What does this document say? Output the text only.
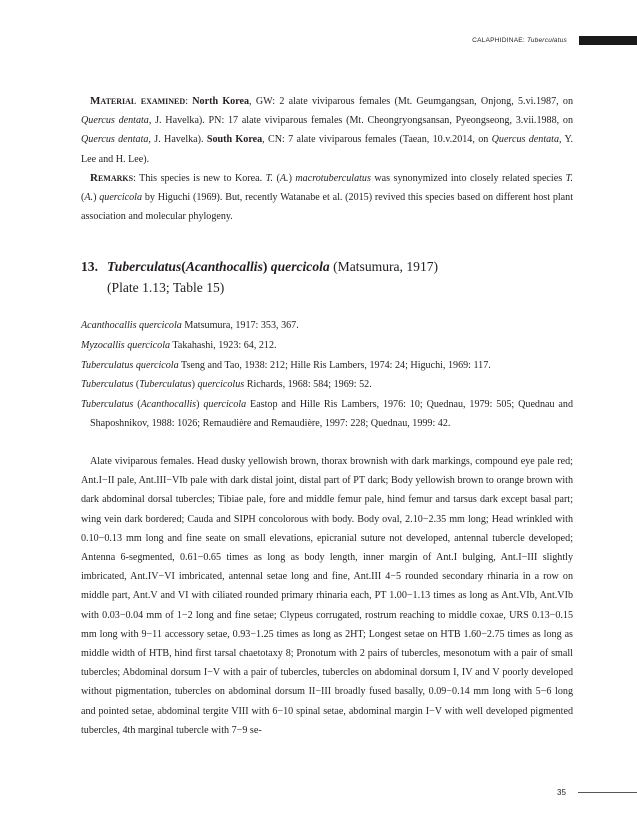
CALAPHIDINAE: Tuberculatus

Material examined: North Korea, GW: 2 alate viviparous females (Mt. Geumgangsan, Onjong, 5.vi.1987, on Quercus dentata, J. Havelka). PN: 17 alate viviparous females (Mt. Cheongryongsansan, Pyeongseong, 3.vii.1988, on Quercus dentata, J. Havelka). South Korea, CN: 7 alate viviparous females (Taean, 10.v.2014, on Quercus dentata, Y. Lee and H. Lee).

Remarks: This species is new to Korea. T. (A.) macrotuberculatus was synonymized into closely related species T. (A.) quercicola by Higuchi (1969). But, recently Watanabe et al. (2015) revived this species based on different host plant association and molecular phylogeny.

13. Tuberculatus(Acanthocallis) quercicola (Matsumura, 1917)
(Plate 1.13; Table 15)

Acanthocallis quercicola Matsumura, 1917: 353, 367.

Myzocallis quercicola Takahashi, 1923: 64, 212.

Tuberculatus quercicola Tseng and Tao, 1938: 212; Hille Ris Lambers, 1974: 24; Higuchi, 1969: 117.

Tuberculatus (Tuberculatus) quercicolus Richards, 1968: 584; 1969: 52.

Tuberculatus (Acanthocallis) quercicola Eastop and Hille Ris Lambers, 1976: 10; Quednau, 1979: 505; Quednau and Shaposhnikov, 1988: 1026; Remaudière and Remaudière, 1997: 228; Quednau, 1999: 42.

Alate viviparous females. Head dusky yellowish brown, thorax brownish with dark markings, compound eye pale red; Ant.I−II pale, Ant.III−VIb pale with dark distal joint, distal part of PT dark; Body yellowish brown to orange brown with dark abdominal dorsal tubercles; Tibiae pale, fore and middle femur pale, hind femur and tarsus dark except basal part; wing vein dark bordered; Cauda and SIPH concolorous with body. Body oval, 2.10−2.35 mm long; Head wrinkled with 0.10−0.13 mm long and fine seate on small elevations, epicranial suture not developed, antennal tubercle developed; Antenna 6-segmented, 0.61−0.65 times as long as body length, inner margin of Ant.I bulging, Ant.I−III slightly imbricated, Ant.IV−VI imbricated, antennal setae long and fine, Ant.III 4−5 rounded secondary rhinaria in a row on middle part, Ant.V and VI with ciliated rounded primary rhinaria each, PT 1.00−1.13 times as long as Ant.VIb, Ant.VIb with 0.03−0.04 mm of 1−2 long and fine setae; Clypeus corrugated, rostrum reaching to middle coxae, URS 0.13−0.15 mm long with 9−11 accessory setae, 0.93−1.25 times as long as 2HT; Longest setae on HTB 1.60−2.75 times as long as middle width of HTB, hind first tarsal chaetotaxy 8; Pronotum with 2 pairs of tubercles, mesonotum with a pair of small tubercles; Abdominal dorsum I−V with a pair of tubercles, tubercles on abdominal dorsum I, IV and V poorly developed without pigmentation, tubercles on abdominal dorsum II−III broadly fused basally, 0.09−0.14 mm long with 5−6 long and pointed setae, abdominal tergite VIII with 6−10 spinal setae, abdominal margin I−V with well developed pigmented tubercles, 4th marginal tubercle with 7−9 se-

35
